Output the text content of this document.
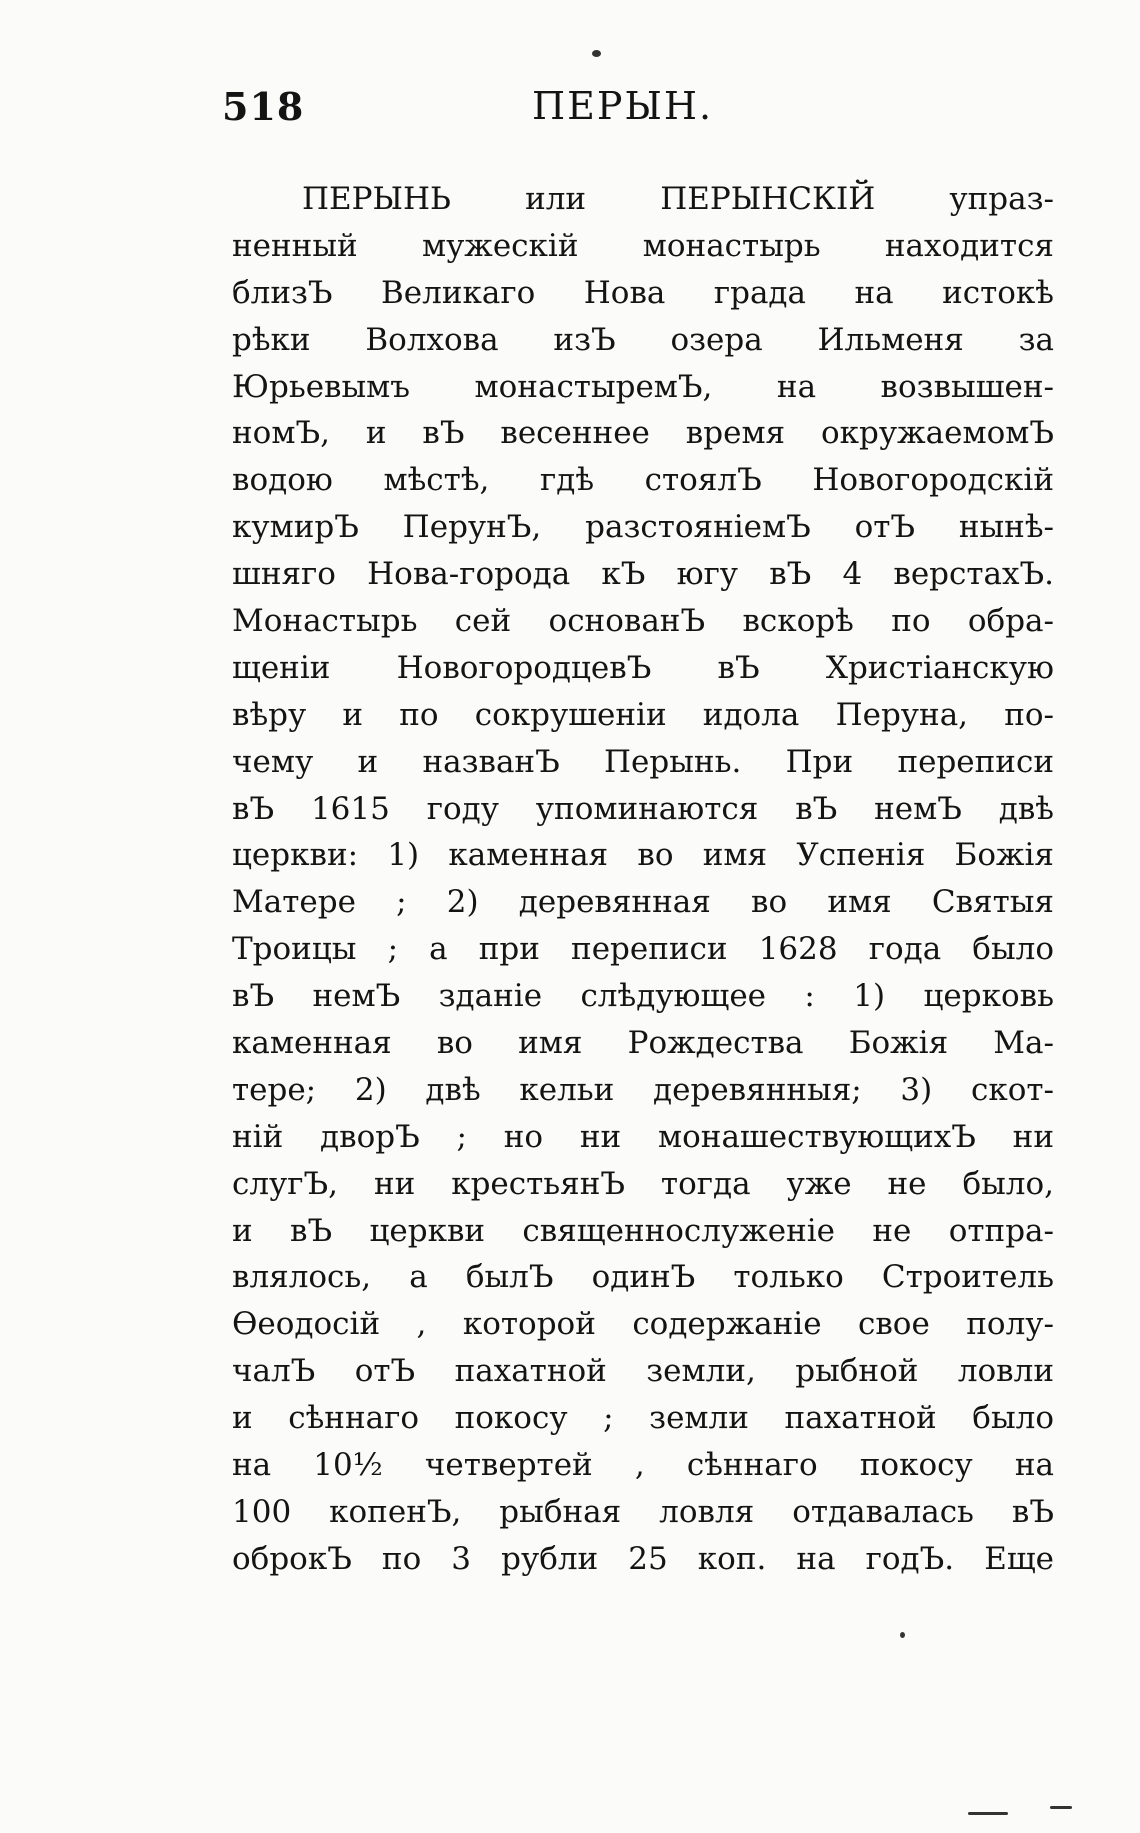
518	ПЕРЫН.
ПЕРЫНЬ или ПЕРЫНСКІЙ упраз-
ненный мужескій монастырь находится
близЪ Великаго Нова града на истокѣ
рѣки Волхова изЪ озера Ильменя за
Юрьевымъ монастыремЪ, на возвышен-
номЪ, и вЪ весеннее время окружаемомЪ
водою мѣстѣ, гдѣ стоялЪ Новогородскій
кумирЪ ПерунЪ, разстояніемЪ отЪ нынѣ-
шняго Нова-города кЪ югу вЪ 4 верстахЪ.
Монастырь сей основанЪ вскорѣ по обра-
щеніи НовогородцевЪ вЪ Христіанскую
вѣру и по сокрушеніи идола Перуна, по-
чему и названЪ Перынь. При переписи
вЪ 1615 году упоминаются вЪ немЪ двѣ
церкви: 1) каменная во имя Успенія Божія
Матере ; 2) деревянная во имя Святыя
Троицы ; а при переписи 1628 года было
вЪ немЪ зданіе слѣдующее : 1) церковь
каменная во имя Рождества Божія Ма-
тере; 2) двѣ кельи деревянныя; 3) скот-
ній дворЪ ; но ни монашествующихЪ ни
слугЪ, ни крестьянЪ тогда уже не было,
и вЪ церкви священнослуженіе не отпра-
влялось, а былЪ одинЪ только Строитель
Ѳеодосій , которой содержаніе свое полу-
чалЪ отЪ пахатной земли, рыбной ловли
и сѣннаго покосу ; земли пахатной было
на 10½ четвертей , сѣннаго покосу на
100 копенЪ, рыбная ловля отдавалась вЪ
оброкЪ по 3 рубли 25 коп. на годЪ. Еще
